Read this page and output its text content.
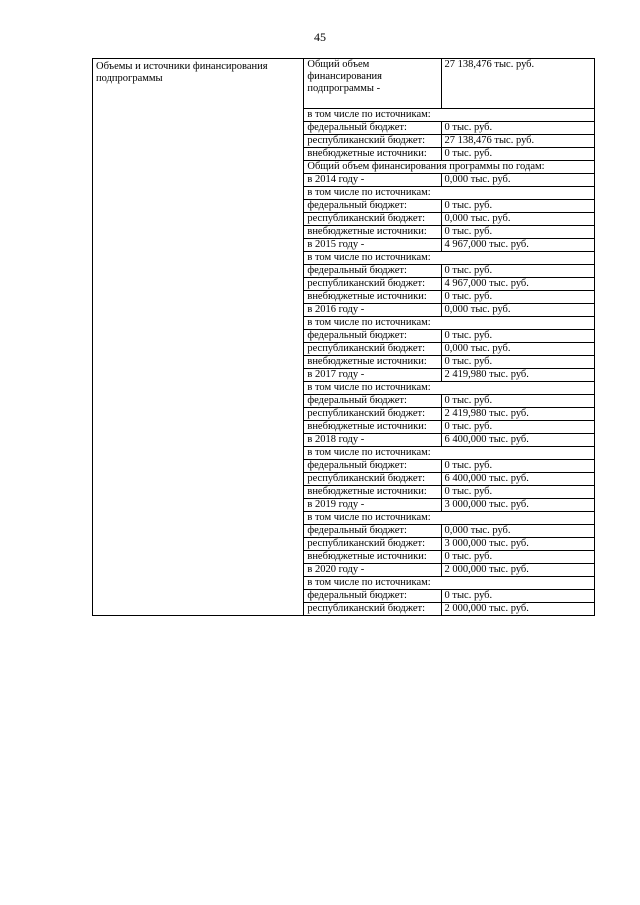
45
Объемы и источники финансирования подпрограммы	Общий объем финансирования подпрограммы -	27 138,476 тыс. руб.
	в том числе по источникам:	
	федеральный бюджет:	0 тыс. руб.
	республиканский бюджет:	27 138,476 тыс. руб.
	внебюджетные источники:	0 тыс. руб.
	Общий объем финансирования программы по годам:	
	в 2014 году -	0,000 тыс. руб.
	в том числе по источникам:	
	федеральный бюджет:	0 тыс. руб.
	республиканский бюджет:	0,000 тыс. руб.
	внебюджетные источники:	0 тыс. руб.
	в 2015 году -	4 967,000 тыс. руб.
	в том числе по источникам:	
	федеральный бюджет:	0 тыс. руб.
	республиканский бюджет:	4 967,000 тыс. руб.
	внебюджетные источники:	0 тыс. руб.
	в 2016 году -	0,000 тыс. руб.
	в том числе по источникам:	
	федеральный бюджет:	0 тыс. руб.
	республиканский бюджет:	0,000 тыс. руб.
	внебюджетные источники:	0 тыс. руб.
	в 2017 году -	2 419,980 тыс. руб.
	в том числе по источникам:	
	федеральный бюджет:	0 тыс. руб.
	республиканский бюджет:	2 419,980 тыс. руб.
	внебюджетные источники:	0 тыс. руб.
	в 2018 году -	6 400,000 тыс. руб.
	в том числе по источникам:	
	федеральный бюджет:	0 тыс. руб.
	республиканский бюджет:	6 400,000 тыс. руб.
	внебюджетные источники:	0 тыс. руб.
	в 2019 году -	3 000,000 тыс. руб.
	в том числе по источникам:	
	федеральный бюджет:	0,000 тыс. руб.
	республиканский бюджет:	3 000,000 тыс. руб.
	внебюджетные источники:	0 тыс. руб.
	в 2020 году -	2 000,000 тыс. руб.
	в том числе по источникам:	
	федеральный бюджет:	0 тыс. руб.
	республиканский бюджет:	2 000,000 тыс. руб.
